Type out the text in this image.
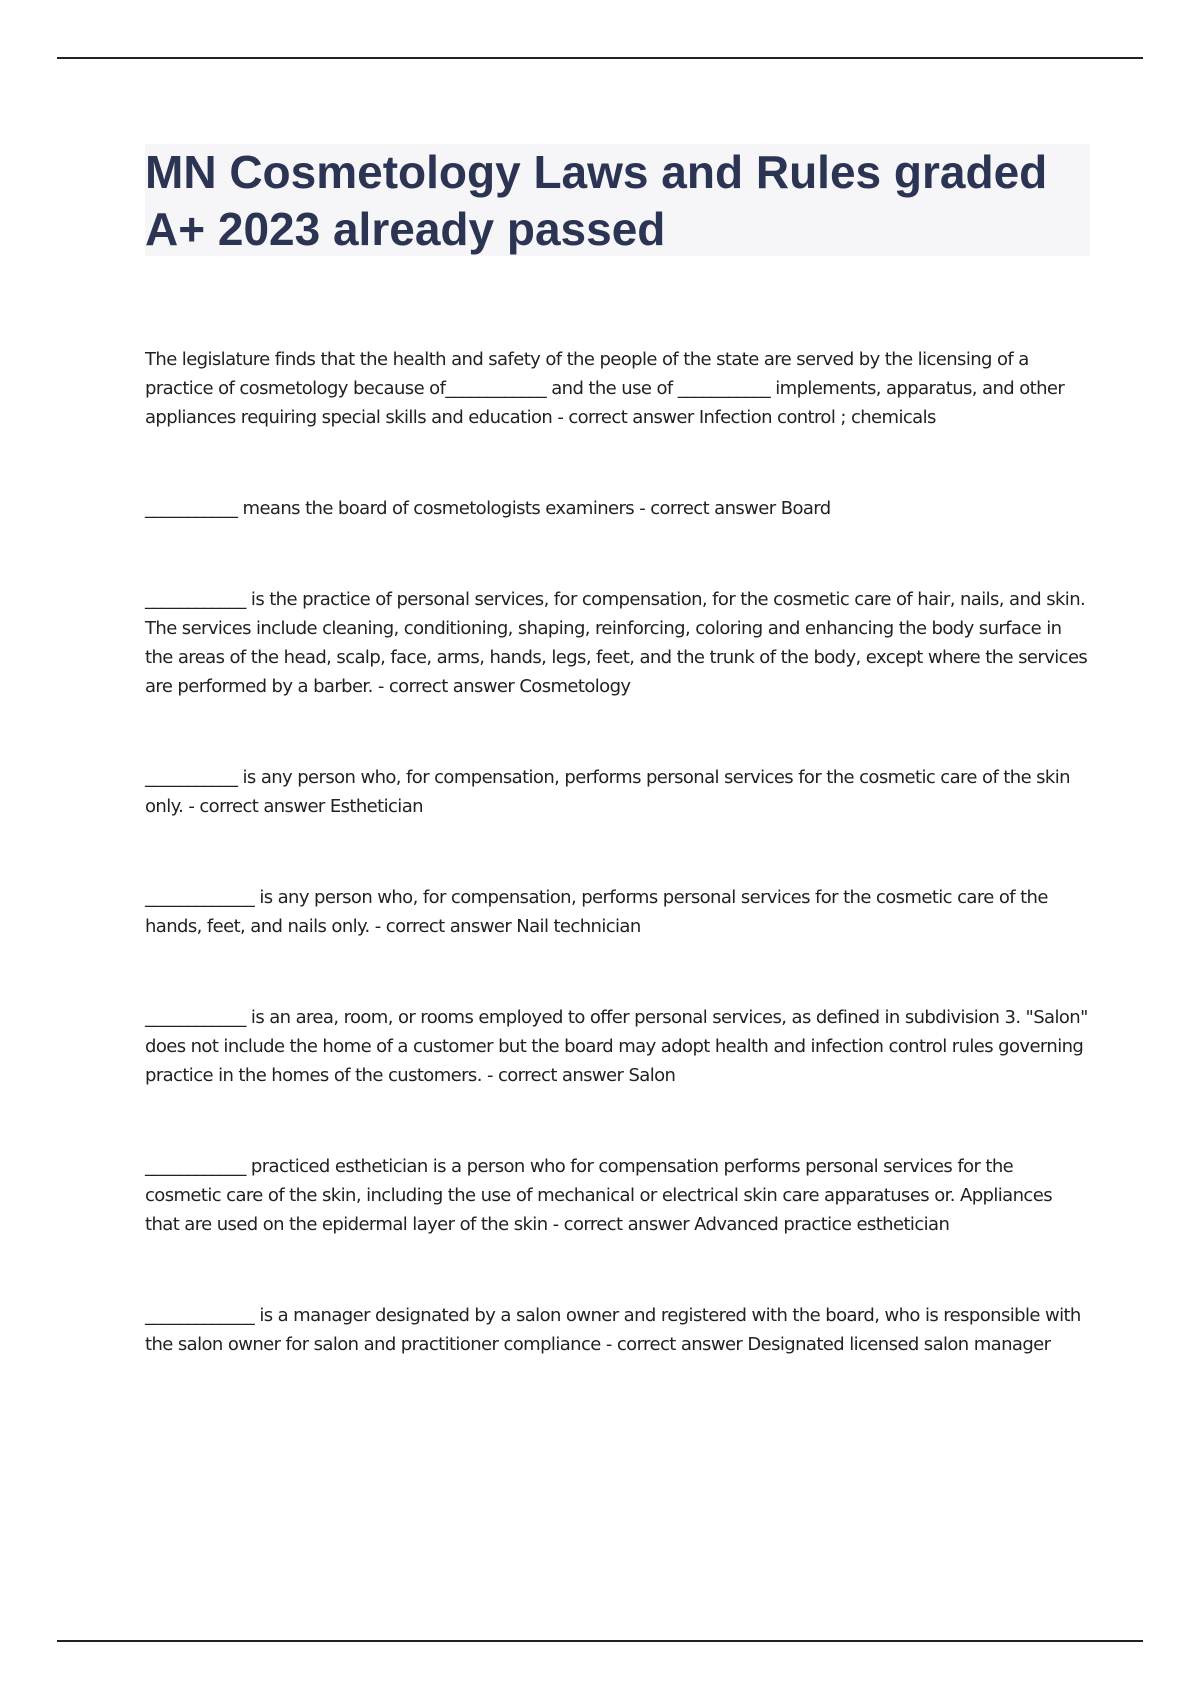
MN Cosmetology Laws and Rules graded A+ 2023 already passed

The legislature finds that the health and safety of the people of the state are served by the licensing of a practice of cosmetology because of____________ and the use of ___________ implements, apparatus, and other appliances requiring special skills and education - correct answer Infection control ; chemicals

___________ means the board of cosmetologists examiners - correct answer Board

____________ is the practice of personal services, for compensation, for the cosmetic care of hair, nails, and skin. The services include cleaning, conditioning, shaping, reinforcing, coloring and enhancing the body surface in the areas of the head, scalp, face, arms, hands, legs, feet, and the trunk of the body, except where the services are performed by a barber. - correct answer Cosmetology

___________ is any person who, for compensation, performs personal services for the cosmetic care of the skin only. - correct answer Esthetician

_____________ is any person who, for compensation, performs personal services for the cosmetic care of the hands, feet, and nails only. - correct answer Nail technician

____________ is an area, room, or rooms employed to offer personal services, as defined in subdivision 3. "Salon" does not include the home of a customer but the board may adopt health and infection control rules governing practice in the homes of the customers. - correct answer Salon

____________ practiced esthetician is a person who for compensation performs personal services for the cosmetic care of the skin, including the use of mechanical or electrical skin care apparatuses or. Appliances that are used on the epidermal layer of the skin - correct answer Advanced practice esthetician

_____________ is a manager designated by a salon owner and registered with the board, who is responsible with the salon owner for salon and practitioner compliance - correct answer Designated licensed salon manager
